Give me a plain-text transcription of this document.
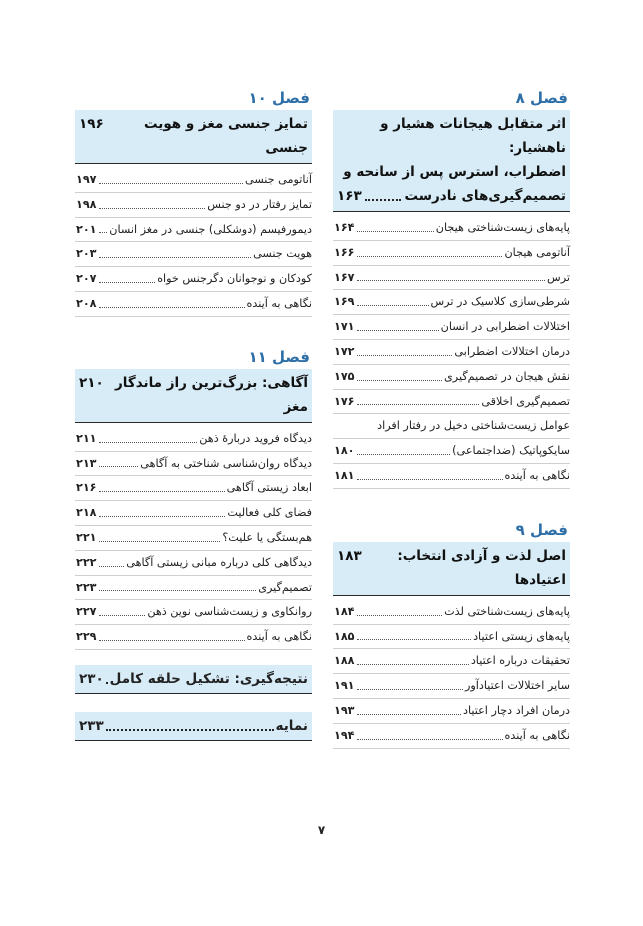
فصل ۸
اثر متقابل هیجانات هشیار و ناهشیار:
اضطراب، استرس پس از سانحه و
تصمیم‌گیری‌های نادرست
۱۶۳
پایه‌های زیست‌شناختی هیجان
۱۶۴
آناتومی هیجان
۱۶۶
ترس
۱۶۷
شرطی‌سازی کلاسیک در ترس
۱۶۹
اختلالات اضطرابی در انسان
۱۷۱
درمان اختلالات اضطرابی
۱۷۲
نقش هیجان در تصمیم‌گیری
۱۷۵
تصمیم‌گیری اخلاقی
۱۷۶
عوامل زیست‌شناختی دخیل در رفتار افراد
سایکوپاتیک (ضداجتماعی)
۱۸۰
نگاهی به آینده
۱۸۱
فصل ۹
اصل لذت و آزادی انتخاب: اعتیادها
۱۸۳
پایه‌های زیست‌شناختی لذت
۱۸۴
پایه‌های زیستی اعتیاد
۱۸۵
تحقیقات درباره اعتیاد
۱۸۸
سایر اختلالات اعتیادآور
۱۹۱
درمان افراد دچار اعتیاد
۱۹۳
نگاهی به آینده
۱۹۴
فصل ۱۰
تمایز جنسی مغز و هویت جنسی
۱۹۶
آناتومی جنسی
۱۹۷
تمایز رفتار در دو جنس
۱۹۸
دیمورفیسم (دوشکلی) جنسی در مغز انسان
۲۰۱
هویت جنسی
۲۰۳
کودکان و نوجوانان دگرجنس خواه
۲۰۷
نگاهی به آینده
۲۰۸
فصل ۱۱
آگاهی: بزرگ‌ترین راز ماندگار مغز
۲۱۰
دیدگاه فروید دربارهٔ ذهن
۲۱۱
دیدگاه روان‌شناسی شناختی به آگاهی
۲۱۳
ابعاد زیستی آگاهی
۲۱۶
فضای کلی فعالیت
۲۱۸
هم‌بستگی یا علیت؟
۲۲۱
دیدگاهی کلی درباره مبانی زیستی آگاهی
۲۲۲
تصمیم‌گیری
۲۲۳
روانکاوی و زیست‌شناسی نوین ذهن
۲۲۷
نگاهی به آینده
۲۲۹
نتیجه‌گیری: تشکیل حلقه کامل
۲۳۰
نمایه
۲۳۳
۷
